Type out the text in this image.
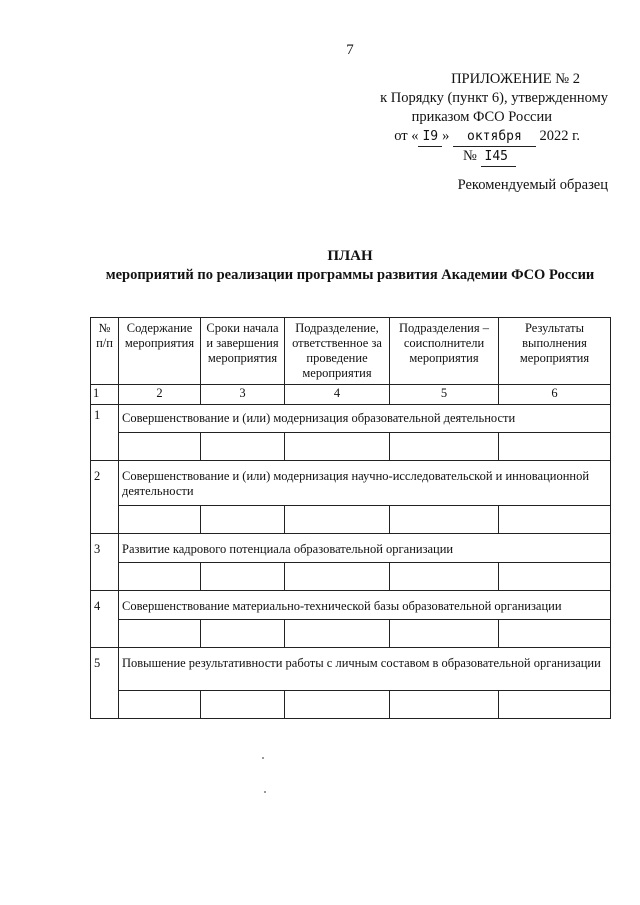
7
ПРИЛОЖЕНИЕ № 2
к Порядку (пункт 6), утвержденному
приказом ФСО России
от « I9 » октября 2022 г.
№ I45
Рекомендуемый образец
ПЛАН
мероприятий по реализации программы развития Академии ФСО России
№ п/п	Содержание мероприятия	Сроки начала и завершения мероприятия	Подразделение, ответственное за проведение мероприятия	Подразделения – соисполнители мероприятия	Результаты выполнения мероприятия
1	2	3	4	5	6
1	Совершенствование и (или) модернизация образовательной деятельности				

2	Совершенствование и (или) модернизация научно-исследовательской и инновационной деятельности				

3	Развитие кадрового потенциала образовательной организации				

4	Совершенствование материально-технической базы образовательной организации				

5	Повышение результативности работы с личным составом в образовательной организации				
